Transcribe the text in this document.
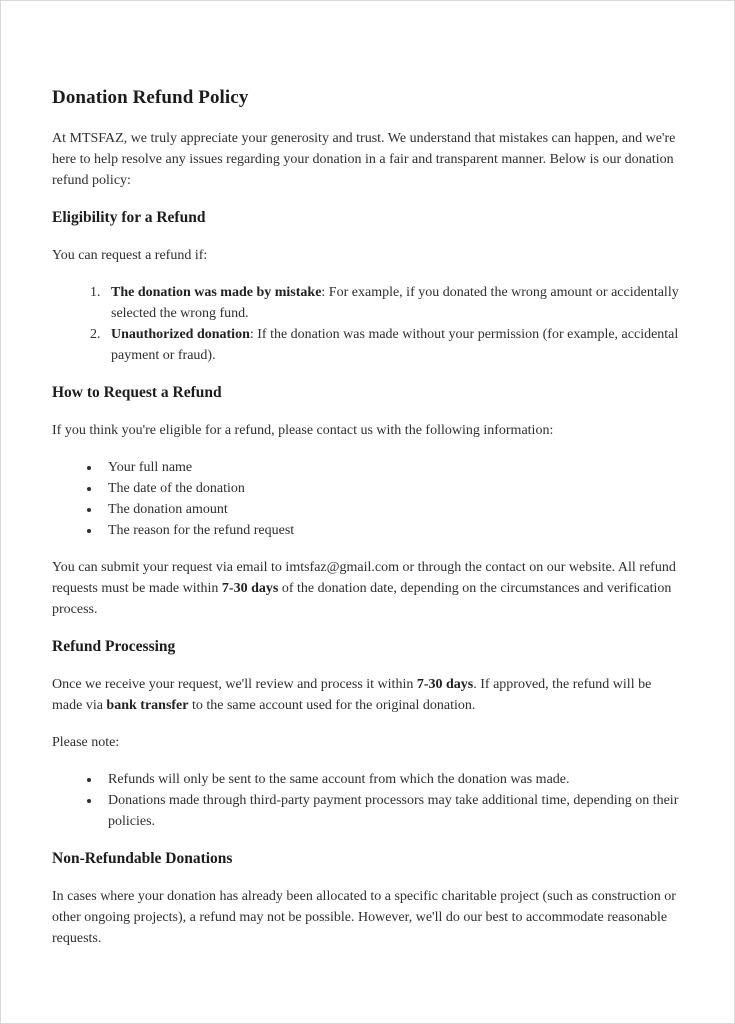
Donation Refund Policy

At MTSFAZ, we truly appreciate your generosity and trust. We understand that mistakes can happen, and we're here to help resolve any issues regarding your donation in a fair and transparent manner. Below is our donation refund policy:

Eligibility for a Refund

You can request a refund if:

1. The donation was made by mistake: For example, if you donated the wrong amount or accidentally selected the wrong fund.
2. Unauthorized donation: If the donation was made without your permission (for example, accidental payment or fraud).
How to Request a Refund

If you think you're eligible for a refund, please contact us with the following information:

• Your full name
• The date of the donation
• The donation amount
• The reason for the refund request

You can submit your request via email to imtsfaz@gmail.com or through the contact on our website. All refund requests must be made within 7-30 days of the donation date, depending on the circumstances and verification process.

Refund Processing

Once we receive your request, we'll review and process it within 7-30 days. If approved, the refund will be made via bank transfer to the same account used for the original donation.

Please note:

• Refunds will only be sent to the same account from which the donation was made.
• Donations made through third-party payment processors may take additional time, depending on their policies.
Non-Refundable Donations

In cases where your donation has already been allocated to a specific charitable project (such as construction or other ongoing projects), a refund may not be possible. However, we'll do our best to accommodate reasonable requests.
